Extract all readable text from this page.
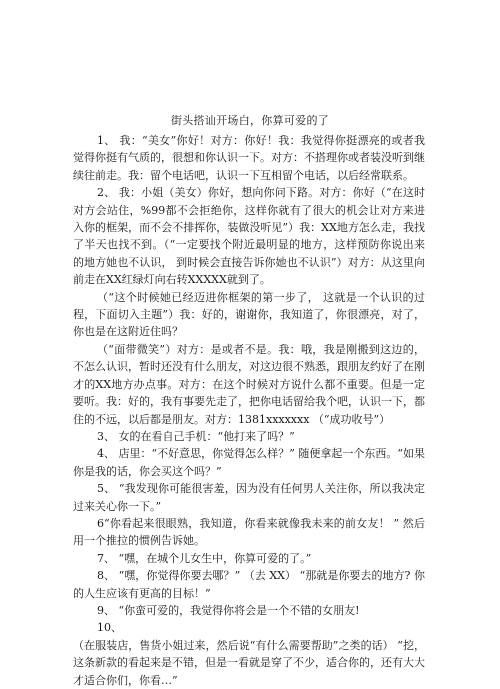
街头搭讪开场白，你算可爱的了

1、 我：“美女”你好！对方：你好！我：我觉得你挺漂亮的或者我觉得你挺有气质的，很想和你认识一下。对方：不搭理你或者装没听到继续往前走。我：留个电话吧，认识一下互相留个电话，以后经常联系。

2、 我：小姐（美女）你好，想向你问下路。对方：你好（“在这时对方会站住，%99都不会拒绝你，这样你就有了很大的机会让对方来进入你的框架，而不会不排挥你，装做没听见”）我：XX地方怎么走，我找了半天也找不到。（“一定要找个附近最明显的地方，这样预防你说出来的地方她也不认识， 到时候会直接告诉你她也不认识”）对方：从这里向前走在XX红绿灯向右转XXXXX就到了。

（“这个时候她已经迈进你框架的第一步了， 这就是一个认识的过程，下面切入主题”）我：好的，谢谢你，我知道了，你很漂亮，对了，你也是在这附近住吗？

（“面带微笑”）对方：是或者不是。我：哦，我是刚搬到这边的，不怎么认识，暂时还没有什么朋友，对这边很不熟悉，跟朋友约好了在刚才的XX地方办点事。对方：在这个时候对方说什么都不重要。但是一定要听。我：好的，我有事要先走了，把你电话留给我个吧，认识一下，都住的不远，以后都是朋友。对方：1381xxxxxxx （“成功收号”）

3、 女的在看自己手机：“他打来了吗？”

4、 店里：“不好意思，你觉得怎么样？” 随便拿起一个东西。“如果你是我的话，你会买这个吗？”

5、 “我发现你可能很害羞，因为没有任何男人关注你，所以我决定过来关心你一下。”

6“你看起来很眼熟，我知道，你看来就像我未来的前女友！ ” 然后用一个推拉的惯例告诉她。

7、 “嘿，在城个儿女生中，你算可爱的了。”

8、 “嘿，你觉得你要去哪？” （去 XX） “那就是你要去的地方? 你的人生应该有更高的目标！”

9、 “你蛮可爱的，我觉得你将会是一个不错的女朋友!

10、

（在服装店，售货小姐过来，然后说“有什么需要帮助”之类的话） “挖，这条新款的看起来是不错，但是一看就是穿了不少，适合你的，还有大大才适合你们，你看…”
